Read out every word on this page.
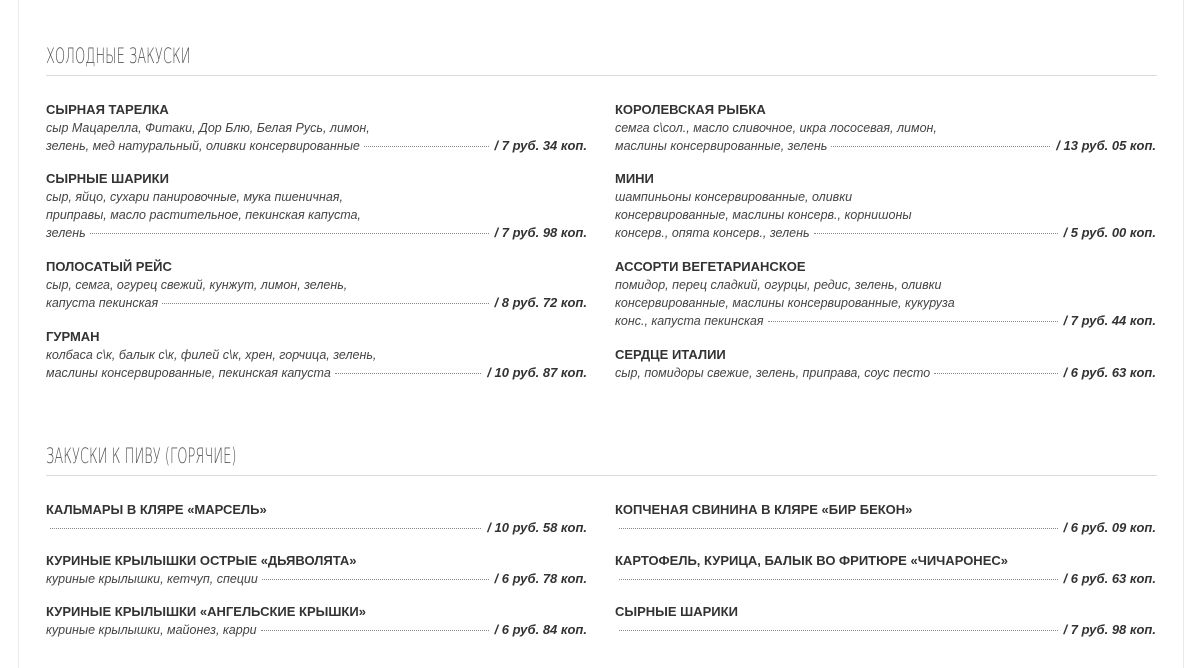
ХОЛОДНЫЕ ЗАКУСКИ
СЫРНАЯ ТАРЕЛКА
сыр Мацарелла, Фитаки, Дор Блю, Белая Русь, лимон,
зелень, мед натуральный, оливки консервированные	/ 7 руб. 34 коп.
СЫРНЫЕ ШАРИКИ
сыр, яйцо, сухари панировочные, мука пшеничная,
приправы, масло растительное, пекинская капуста,
зелень	/ 7 руб. 98 коп.
ПОЛОСАТЫЙ РЕЙС
сыр, семга, огурец свежий, кунжут, лимон, зелень,
капуста пекинская	/ 8 руб. 72 коп.
ГУРМАН
колбаса с\к, балык с\к, филей с\к, хрен, горчица, зелень,
маслины консервированные, пекинская капуста	/ 10 руб. 87 коп.
КОРОЛЕВСКАЯ РЫБКА
семга с\сол., масло сливочное, икра лососевая, лимон,
маслины консервированные, зелень	/ 13 руб. 05 коп.
МИНИ
шампиньоны консервированные, оливки
консервированные, маслины консерв., корнишоны
консерв., опята консерв., зелень	/ 5 руб. 00 коп.
АССОРТИ ВЕГЕТАРИАНСКОЕ
помидор, перец сладкий, огурцы, редис, зелень, оливки
консервированные, маслины консервированные, кукуруза
конс., капуста пекинская	/ 7 руб. 44 коп.
СЕРДЦЕ ИТАЛИИ
сыр, помидоры свежие, зелень, приправа, соус песто	/ 6 руб. 63 коп.
ЗАКУСКИ К ПИВУ (ГОРЯЧИЕ)
КАЛЬМАРЫ В КЛЯРЕ «МАРСЕЛЬ»
/ 10 руб. 58 коп.
КУРИНЫЕ КРЫЛЫШКИ ОСТРЫЕ «ДЬЯВОЛЯТА»
куриные крылышки, кетчуп, специи	/ 6 руб. 78 коп.
КУРИНЫЕ КРЫЛЫШКИ «АНГЕЛЬСКИЕ КРЫШКИ»
куриные крылышки, майонез, карри	/ 6 руб. 84 коп.
КОПЧЕНАЯ СВИНИНА В КЛЯРЕ «БИР БЕКОН»
/ 6 руб. 09 коп.
КАРТОФЕЛЬ, КУРИЦА, БАЛЫК ВО ФРИТЮРЕ «ЧИЧАРОНЕС»
/ 6 руб. 63 коп.
СЫРНЫЕ ШАРИКИ
/ 7 руб. 98 коп.
